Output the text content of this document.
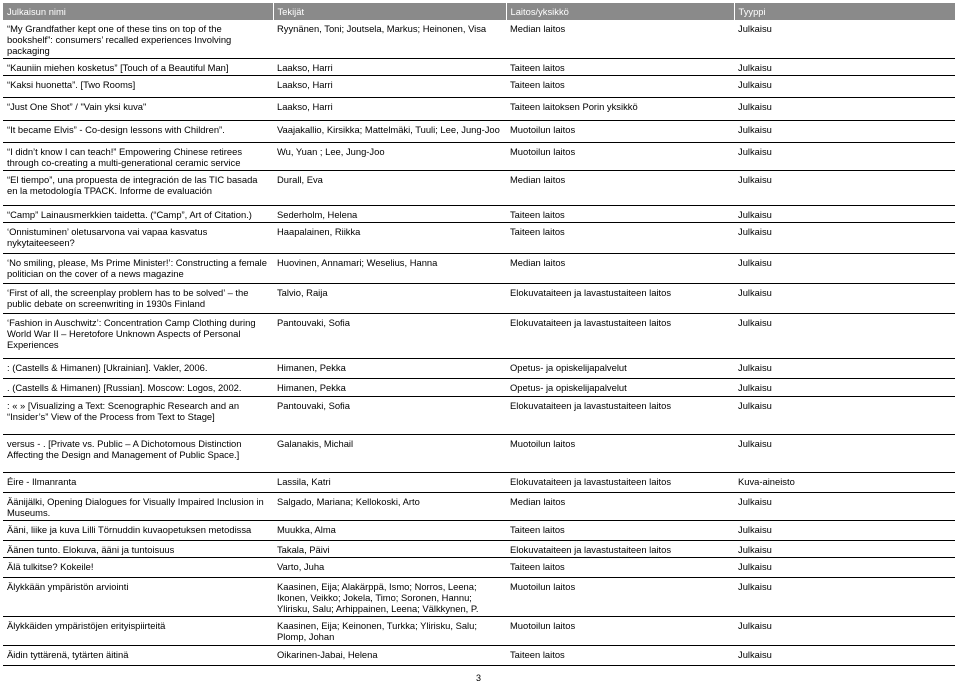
Julkaisun nimi	Tekijät	Laitos/yksikkö	Tyyppi
“My Grandfather kept one of these tins on top of the bookshelf”: consumers’ recalled experiences Involving packaging	Ryynänen, Toni; Joutsela, Markus; Heinonen, Visa	Median laitos	Julkaisu
“Kauniin miehen kosketus” [Touch of a Beautiful Man]	Laakso, Harri	Taiteen laitos	Julkaisu
“Kaksi huonetta”. [Two Rooms]	Laakso, Harri	Taiteen laitos	Julkaisu
“Just One Shot” / "Vain yksi kuva"	Laakso, Harri	Taiteen laitoksen Porin yksikkö	Julkaisu
“It became Elvis” - Co-design lessons with Children”.	Vaajakallio, Kirsikka; Mattelmäki, Tuuli; Lee, Jung-Joo	Muotoilun laitos	Julkaisu
“I didn’t know I can teach!” Empowering Chinese retirees through co-creating a multi-generational ceramic service	Wu, Yuan ; Lee, Jung-Joo	Muotoilun laitos	Julkaisu
“El tiempo”, una propuesta de integración de las TIC basada en la metodología TPACK. Informe de evaluación	Durall, Eva	Median laitos	Julkaisu
“Camp” Lainausmerkkien taidetta. (“Camp”, Art of Citation.)	Sederholm, Helena	Taiteen laitos	Julkaisu
‘Onnistuminen’ oletusarvona vai vapaa kasvatus nykytaiteeseen?	Haapalainen, Riikka	Taiteen laitos	Julkaisu
‘No smiling, please, Ms Prime Minister!’: Constructing a female politician on the cover of a news magazine	Huovinen, Annamari; Weselius, Hanna	Median laitos	Julkaisu
‘First of all, the screenplay problem has to be solved’ – the public debate on screenwriting in 1930s Finland	Talvio, Raija	Elokuvataiteen ja lavastustaiteen laitos	Julkaisu
‘Fashion in Auschwitz’: Concentration Camp Clothing during World War II – Heretofore Unknown Aspects of Personal Experiences	Pantouvaki, Sofia	Elokuvataiteen ja lavastustaiteen laitos	Julkaisu
: (Castells & Himanen) [Ukrainian]. Vakler, 2006.	Himanen, Pekka	Opetus- ja opiskelijapalvelut	Julkaisu
. (Castells & Himanen) [Russian]. Moscow: Logos, 2002.	Himanen, Pekka	Opetus- ja opiskelijapalvelut	Julkaisu
: « » [Visualizing a Text: Scenographic Research and an “Insider’s” View of the Process from Text to Stage]	Pantouvaki, Sofia	Elokuvataiteen ja lavastustaiteen laitos	Julkaisu
versus - . [Private vs. Public – A Dichotomous Distinction Affecting the Design and Management of Public Space.]	Galanakis, Michail	Muotoilun laitos	Julkaisu
Éire - Ilmanranta	Lassila, Katri	Elokuvataiteen ja lavastustaiteen laitos	Kuva-aineisto
Äänijälki, Opening Dialogues for Visually Impaired Inclusion in Museums.	Salgado, Mariana; Kellokoski, Arto	Median laitos	Julkaisu
Ääni, liike ja kuva Lilli Törnuddin kuvaopetuksen metodissa	Muukka, Alma	Taiteen laitos	Julkaisu
Äänen tunto. Elokuva, ääni ja tuntoisuus	Takala, Päivi	Elokuvataiteen ja lavastustaiteen laitos	Julkaisu
Älä tulkitse? Kokeile!	Varto, Juha	Taiteen laitos	Julkaisu
Älykkään ympäristön arviointi	Kaasinen, Eija; Alakärppä, Ismo; Norros, Leena; Ikonen, Veikko; Jokela, Timo; Soronen, Hannu; Ylirisku, Salu; Arhippainen, Leena; Välkkynen, P.	Muotoilun laitos	Julkaisu
Älykkäiden ympäristöjen erityispiirteitä	Kaasinen, Eija; Keinonen, Turkka; Ylirisku, Salu; Plomp, Johan	Muotoilun laitos	Julkaisu
Äidin tyttärenä, tytärten äitinä	Oikarinen-Jabai, Helena	Taiteen laitos	Julkaisu
3
